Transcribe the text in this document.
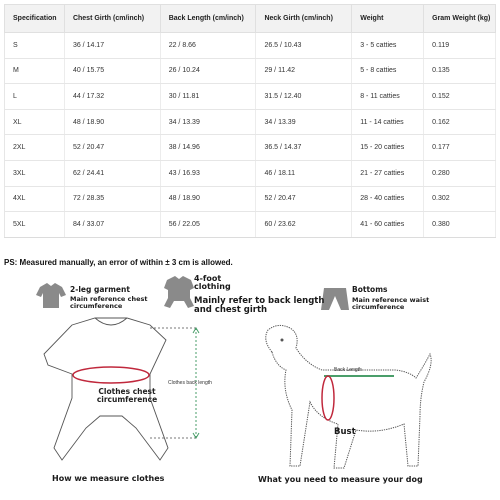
Specification	Chest Girth (cm/inch)	Back Length (cm/inch)	Neck Girth (cm/inch)	Weight	Gram Weight (kg)
S	36 / 14.17	22 / 8.66	26.5 / 10.43	3 - 5 catties	0.119
M	40 / 15.75	26 / 10.24	29 / 11.42	5 - 8 catties	0.135
L	44 / 17.32	30 / 11.81	31.5 / 12.40	8 - 11 catties	0.152
XL	48 / 18.90	34 / 13.39	34 / 13.39	11 - 14 catties	0.162
2XL	52 / 20.47	38 / 14.96	36.5 / 14.37	15 - 20 catties	0.177
3XL	62 / 24.41	43 / 16.93	46 / 18.11	21 - 27 catties	0.280
4XL	72 / 28.35	48 / 18.90	52 / 20.47	28 - 40 catties	0.302
5XL	84 / 33.07	56 / 22.05	60 / 23.62	41 - 60 catties	0.380
PS: Measured manually, an error of within ± 3 cm is allowed.
2-leg garment
Main reference chest circumference
4-foot clothing
Mainly refer to back length and chest girth
Bottoms
Main reference waist circumference
Clothes chest circumference
Clothes back length
Back Length
Bust
How we measure clothes	What you need to measure your dog
